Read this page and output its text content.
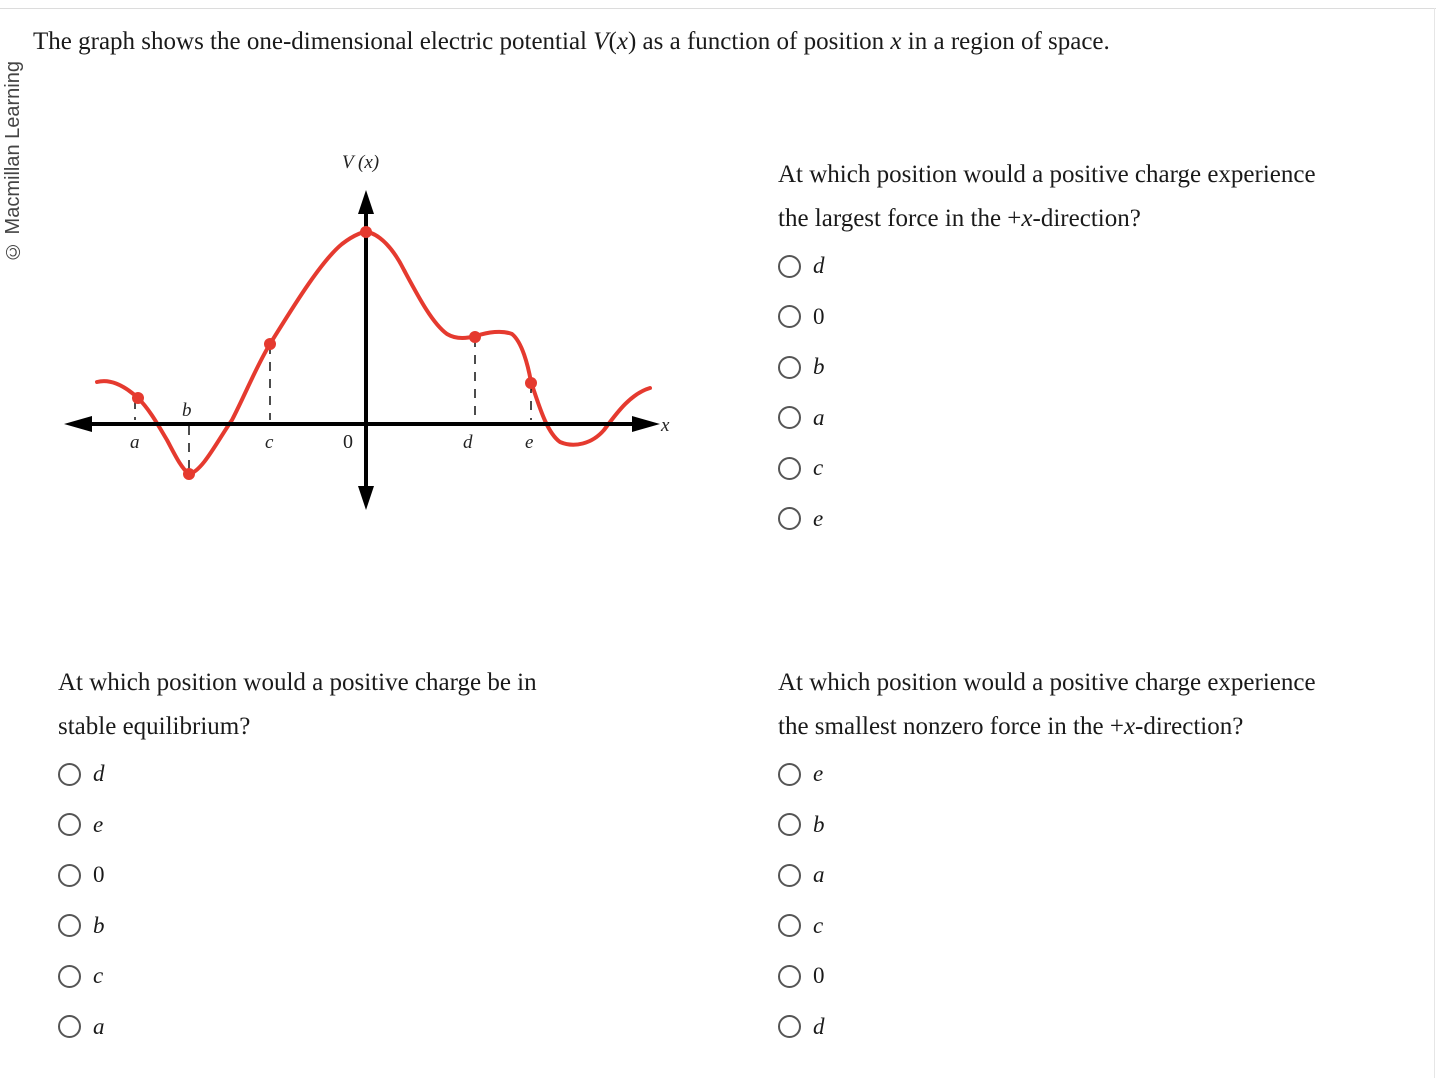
© Macmillan Learning
The graph shows the one-dimensional electric potential V(x) as a function of position x in a region of space.
V (x)
x
a
b
c	d	e
0

At which position would a positive charge experience
the largest force in the +x-direction?

d
0
b
a
c
e

At which position would a positive charge be in
stable equilibrium?

d
e
0
b
c
a

At which position would a positive charge experience
the smallest nonzero force in the +x-direction?

e
b
a
c
0
d
